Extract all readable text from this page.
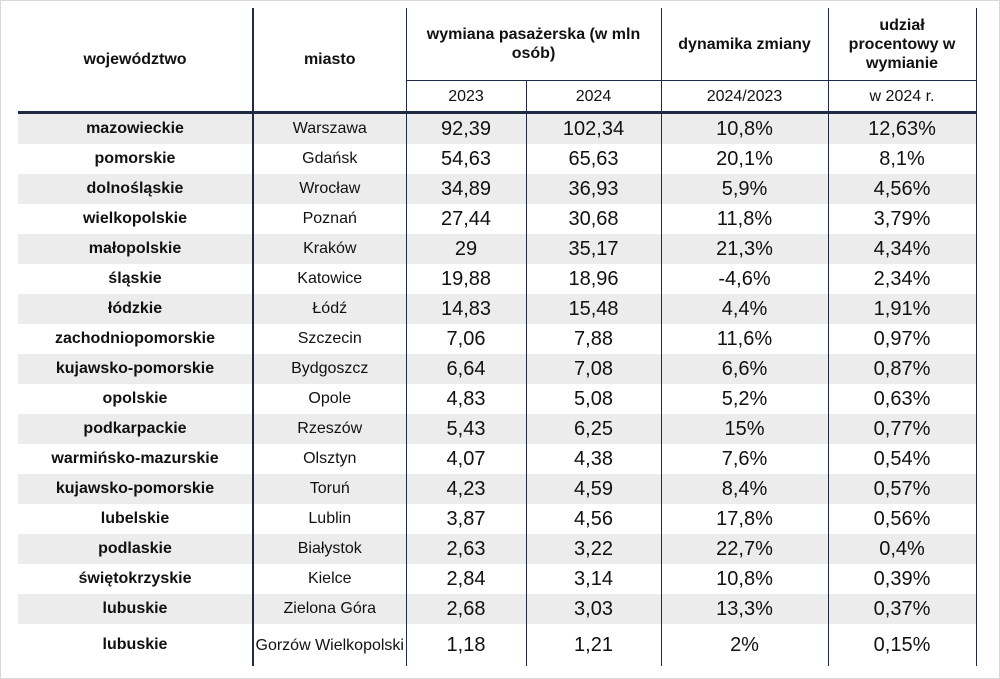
województwo	miasto	wymiana pasażerska (w mln osób)		dynamika zmiany	udział procentowy w wymianie
		2023	2024	2024/2023	w 2024 r.
mazowieckie	Warszawa	92,39	102,34	10,8%	12,63%
pomorskie	Gdańsk	54,63	65,63	20,1%	8,1%
dolnośląskie	Wrocław	34,89	36,93	5,9%	4,56%
wielkopolskie	Poznań	27,44	30,68	11,8%	3,79%
małopolskie	Kraków	29	35,17	21,3%	4,34%
śląskie	Katowice	19,88	18,96	-4,6%	2,34%
łódzkie	Łódź	14,83	15,48	4,4%	1,91%
zachodniopomorskie	Szczecin	7,06	7,88	11,6%	0,97%
kujawsko-pomorskie	Bydgoszcz	6,64	7,08	6,6%	0,87%
opolskie	Opole	4,83	5,08	5,2%	0,63%
podkarpackie	Rzeszów	5,43	6,25	15%	0,77%
warmińsko-mazurskie	Olsztyn	4,07	4,38	7,6%	0,54%
kujawsko-pomorskie	Toruń	4,23	4,59	8,4%	0,57%
lubelskie	Lublin	3,87	4,56	17,8%	0,56%
podlaskie	Białystok	2,63	3,22	22,7%	0,4%
świętokrzyskie	Kielce	2,84	3,14	10,8%	0,39%
lubuskie	Zielona Góra	2,68	3,03	13,3%	0,37%
lubuskie	Gorzów Wielkopolski	1,18	1,21	2%	0,15%
